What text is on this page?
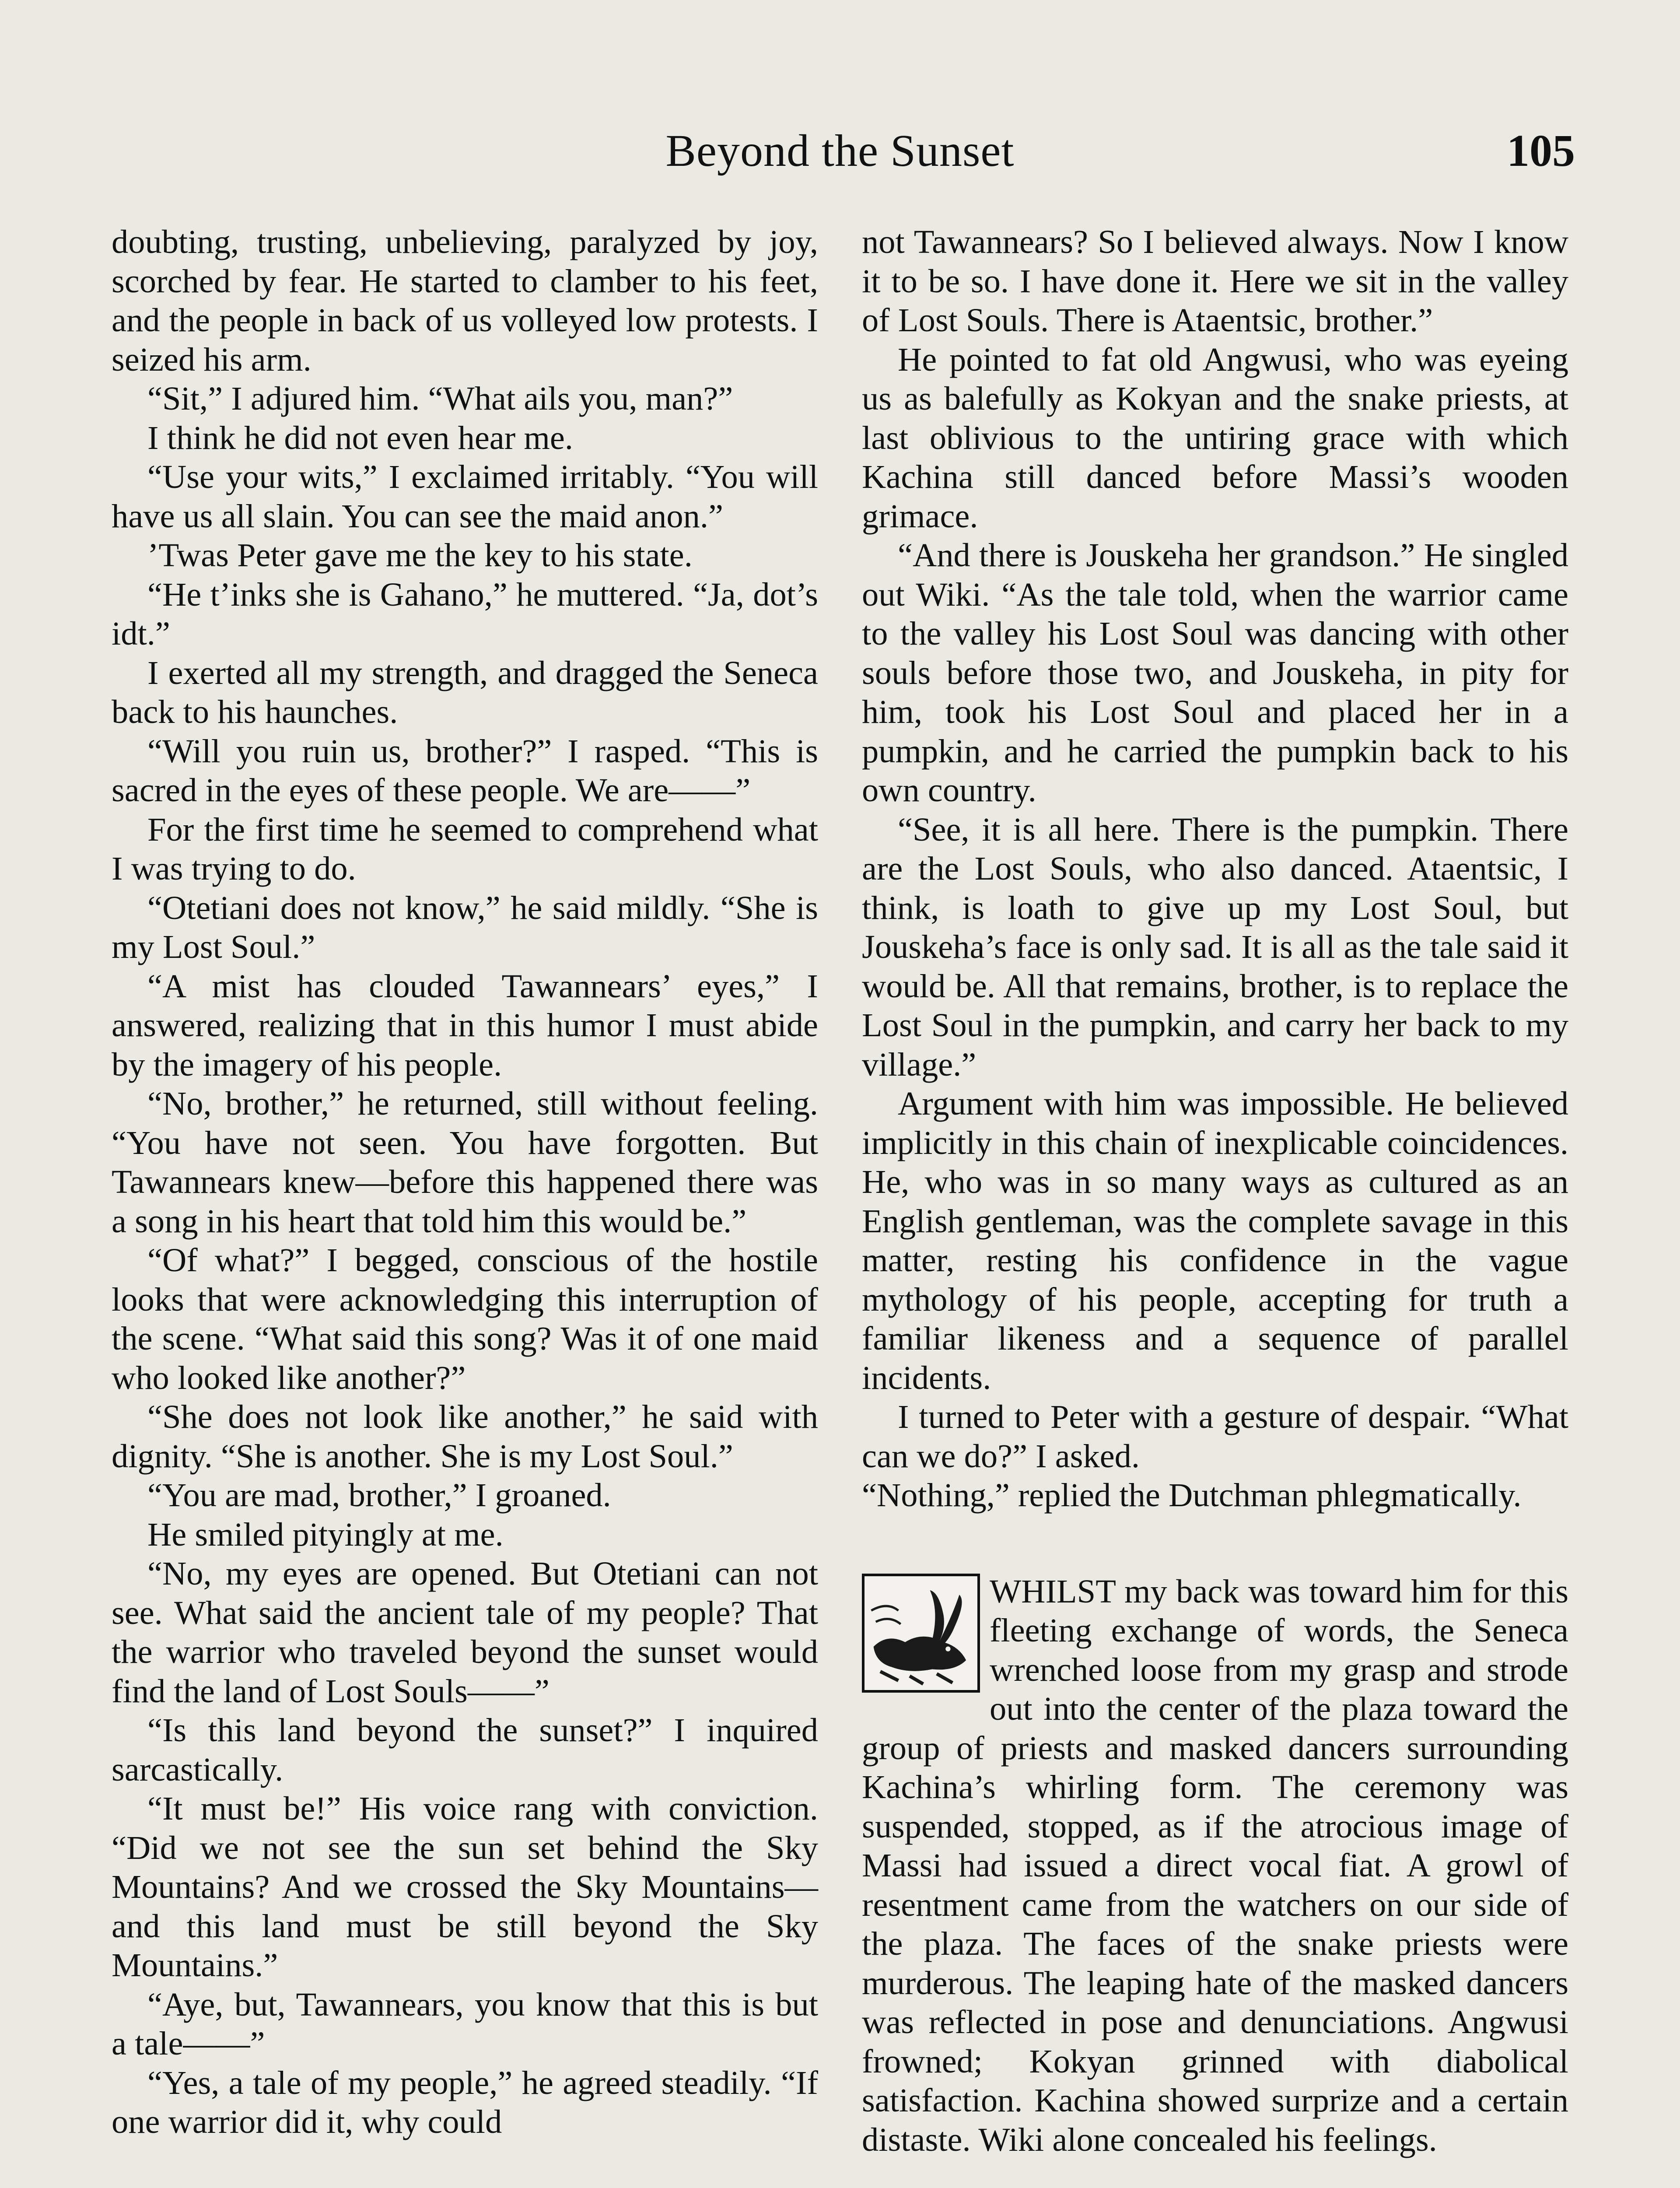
Beyond the Sunset	105

doubting, trusting, unbelieving, paralyzed by joy, scorched by fear. He started to clamber to his feet, and the people in back of us volleyed low protests. I seized his arm.

“Sit,” I adjured him. “What ails you, man?”

I think he did not even hear me.

“Use your wits,” I exclaimed irritably. “You will have us all slain. You can see the maid anon.”

’Twas Peter gave me the key to his state.

“He t’inks she is Gahano,” he muttered. “Ja, dot’s idt.”

I exerted all my strength, and dragged the Seneca back to his haunches.

“Will you ruin us, brother?” I rasped. “This is sacred in the eyes of these people. We are——”

For the first time he seemed to comprehend what I was trying to do.

“Otetiani does not know,” he said mildly. “She is my Lost Soul.”

“A mist has clouded Tawannears’ eyes,” I answered, realizing that in this humor I must abide by the imagery of his people.

“No, brother,” he returned, still without feeling. “You have not seen. You have forgotten. But Tawannears knew—before this happened there was a song in his heart that told him this would be.”

“Of what?” I begged, conscious of the hostile looks that were acknowledging this interruption of the scene. “What said this song? Was it of one maid who looked like another?”

“She does not look like another,” he said with dignity. “She is another. She is my Lost Soul.”

“You are mad, brother,” I groaned.

He smiled pityingly at me.

“No, my eyes are opened. But Otetiani can not see. What said the ancient tale of my people? That the warrior who traveled beyond the sunset would find the land of Lost Souls——”

“Is this land beyond the sunset?” I inquired sarcastically.

“It must be!” His voice rang with conviction. “Did we not see the sun set behind the Sky Mountains? And we crossed the Sky Mountains—and this land must be still beyond the Sky Mountains.”

“Aye, but, Tawannears, you know that this is but a tale——”

“Yes, a tale of my people,” he agreed steadily. “If one warrior did it, why could

not Tawannears? So I believed always. Now I know it to be so. I have done it. Here we sit in the valley of Lost Souls. There is Ataentsic, brother.”

He pointed to fat old Angwusi, who was eyeing us as balefully as Kokyan and the snake priests, at last oblivious to the untiring grace with which Kachina still danced before Massi’s wooden grimace.

“And there is Jouskeha her grandson.” He singled out Wiki. “As the tale told, when the warrior came to the valley his Lost Soul was dancing with other souls before those two, and Jouskeha, in pity for him, took his Lost Soul and placed her in a pumpkin, and he carried the pumpkin back to his own country.

“See, it is all here. There is the pumpkin. There are the Lost Souls, who also danced. Ataentsic, I think, is loath to give up my Lost Soul, but Jouskeha’s face is only sad. It is all as the tale said it would be. All that remains, brother, is to replace the Lost Soul in the pumpkin, and carry her back to my village.”

Argument with him was impossible. He believed implicitly in this chain of inexplicable coincidences. He, who was in so many ways as cultured as an English gentleman, was the complete savage in this matter, resting his confidence in the vague mythology of his people, accepting for truth a familiar likeness and a sequence of parallel incidents.

I turned to Peter with a gesture of despair. “What can we do?” I asked.

“Nothing,” replied the Dutchman phlegmatically.

WHILST my back was toward him for this fleeting exchange of words, the Seneca wrenched loose from my grasp and strode out into the center of the plaza toward the group of priests and masked dancers surrounding Kachina’s whirling form. The ceremony was suspended, stopped, as if the atrocious image of Massi had issued a direct vocal fiat. A growl of resentment came from the watchers on our side of the plaza. The faces of the snake priests were murderous. The leaping hate of the masked dancers was reflected in pose and denunciations. Angwusi frowned; Kokyan grinned with diabolical satisfaction. Kachina showed surprize and a certain distaste. Wiki alone concealed his feelings.
